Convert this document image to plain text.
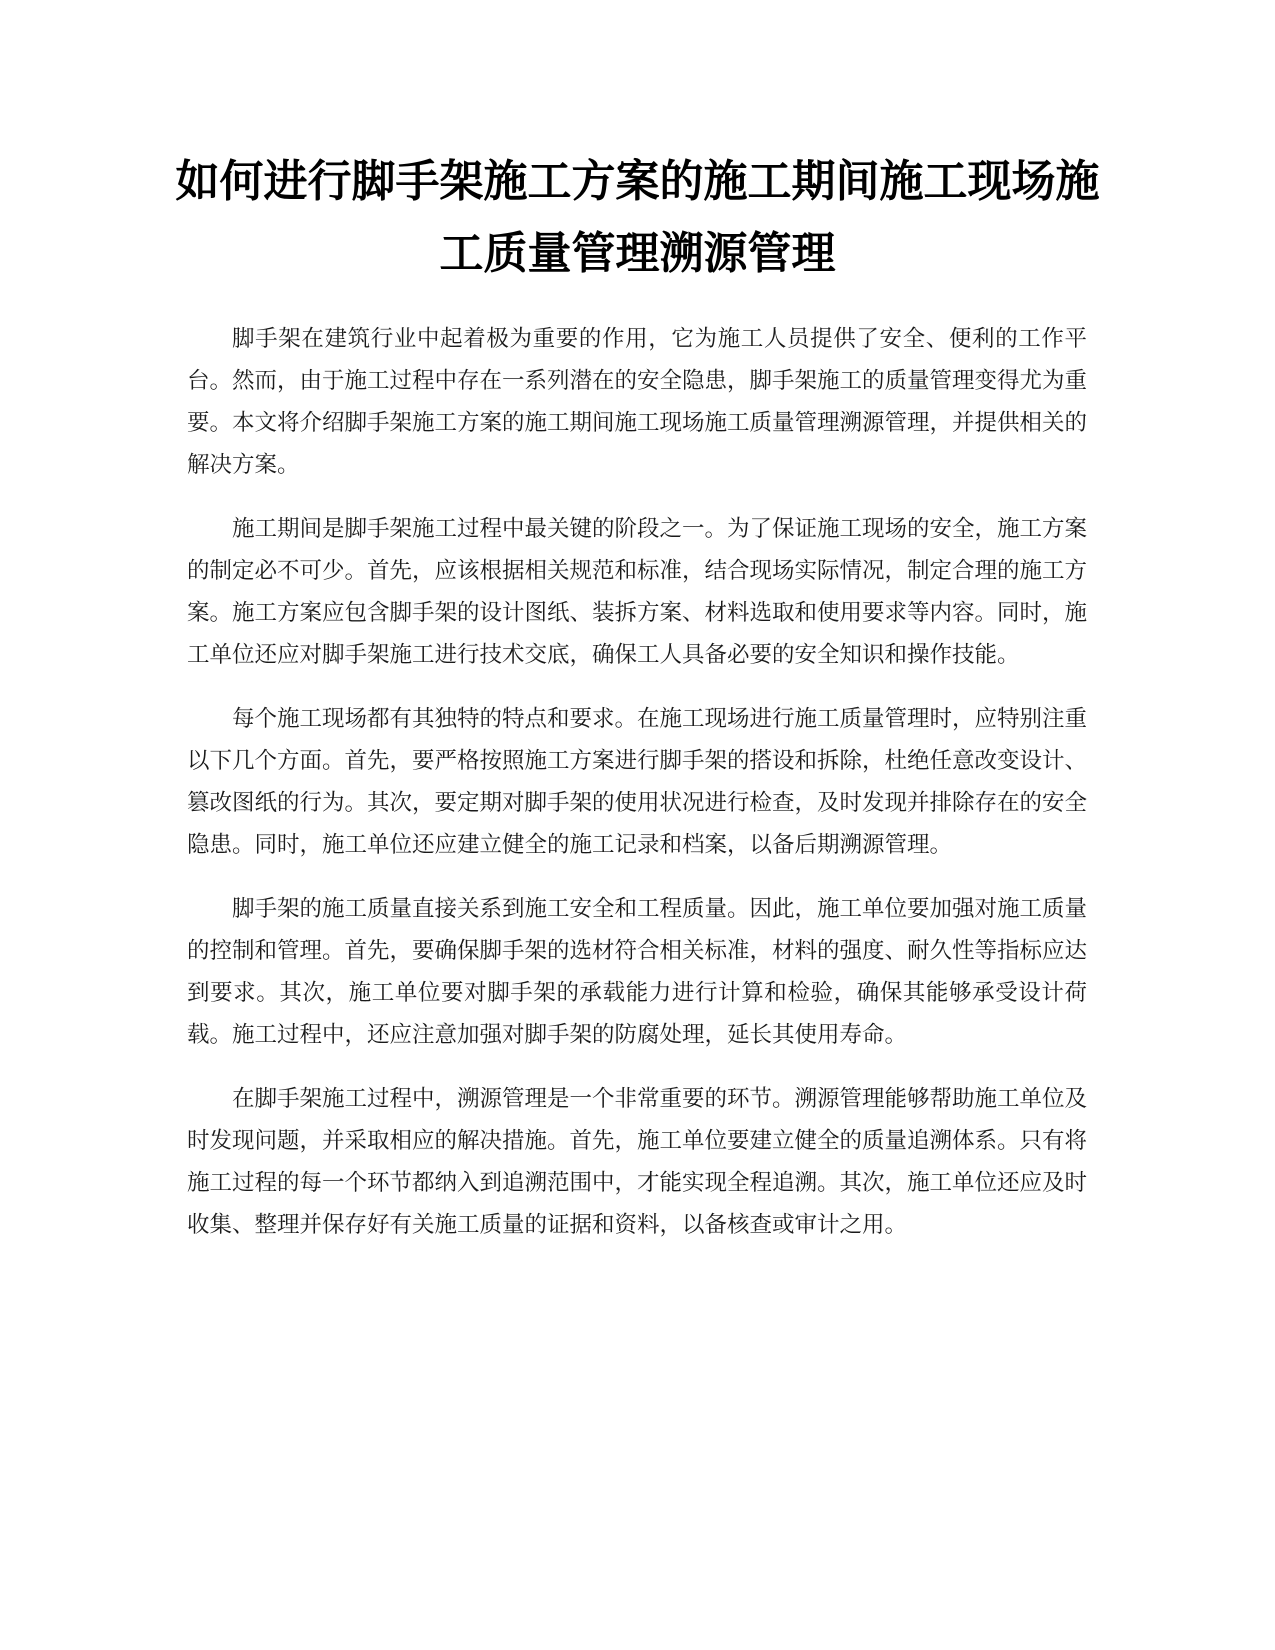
如何进行脚手架施工方案的施工期间施工现场施工质量管理溯源管理

脚手架在建筑行业中起着极为重要的作用，它为施工人员提供了安全、便利的工作平台。然而，由于施工过程中存在一系列潜在的安全隐患，脚手架施工的质量管理变得尤为重要。本文将介绍脚手架施工方案的施工期间施工现场施工质量管理溯源管理，并提供相关的解决方案。

施工期间是脚手架施工过程中最关键的阶段之一。为了保证施工现场的安全，施工方案的制定必不可少。首先，应该根据相关规范和标准，结合现场实际情况，制定合理的施工方案。施工方案应包含脚手架的设计图纸、装拆方案、材料选取和使用要求等内容。同时，施工单位还应对脚手架施工进行技术交底，确保工人具备必要的安全知识和操作技能。

每个施工现场都有其独特的特点和要求。在施工现场进行施工质量管理时，应特别注重以下几个方面。首先，要严格按照施工方案进行脚手架的搭设和拆除，杜绝任意改变设计、篡改图纸的行为。其次，要定期对脚手架的使用状况进行检查，及时发现并排除存在的安全隐患。同时，施工单位还应建立健全的施工记录和档案，以备后期溯源管理。

脚手架的施工质量直接关系到施工安全和工程质量。因此，施工单位要加强对施工质量的控制和管理。首先，要确保脚手架的选材符合相关标准，材料的强度、耐久性等指标应达到要求。其次，施工单位要对脚手架的承载能力进行计算和检验，确保其能够承受设计荷载。施工过程中，还应注意加强对脚手架的防腐处理，延长其使用寿命。

在脚手架施工过程中，溯源管理是一个非常重要的环节。溯源管理能够帮助施工单位及时发现问题，并采取相应的解决措施。首先，施工单位要建立健全的质量追溯体系。只有将施工过程的每一个环节都纳入到追溯范围中，才能实现全程追溯。其次，施工单位还应及时收集、整理并保存好有关施工质量的证据和资料，以备核查或审计之用。
